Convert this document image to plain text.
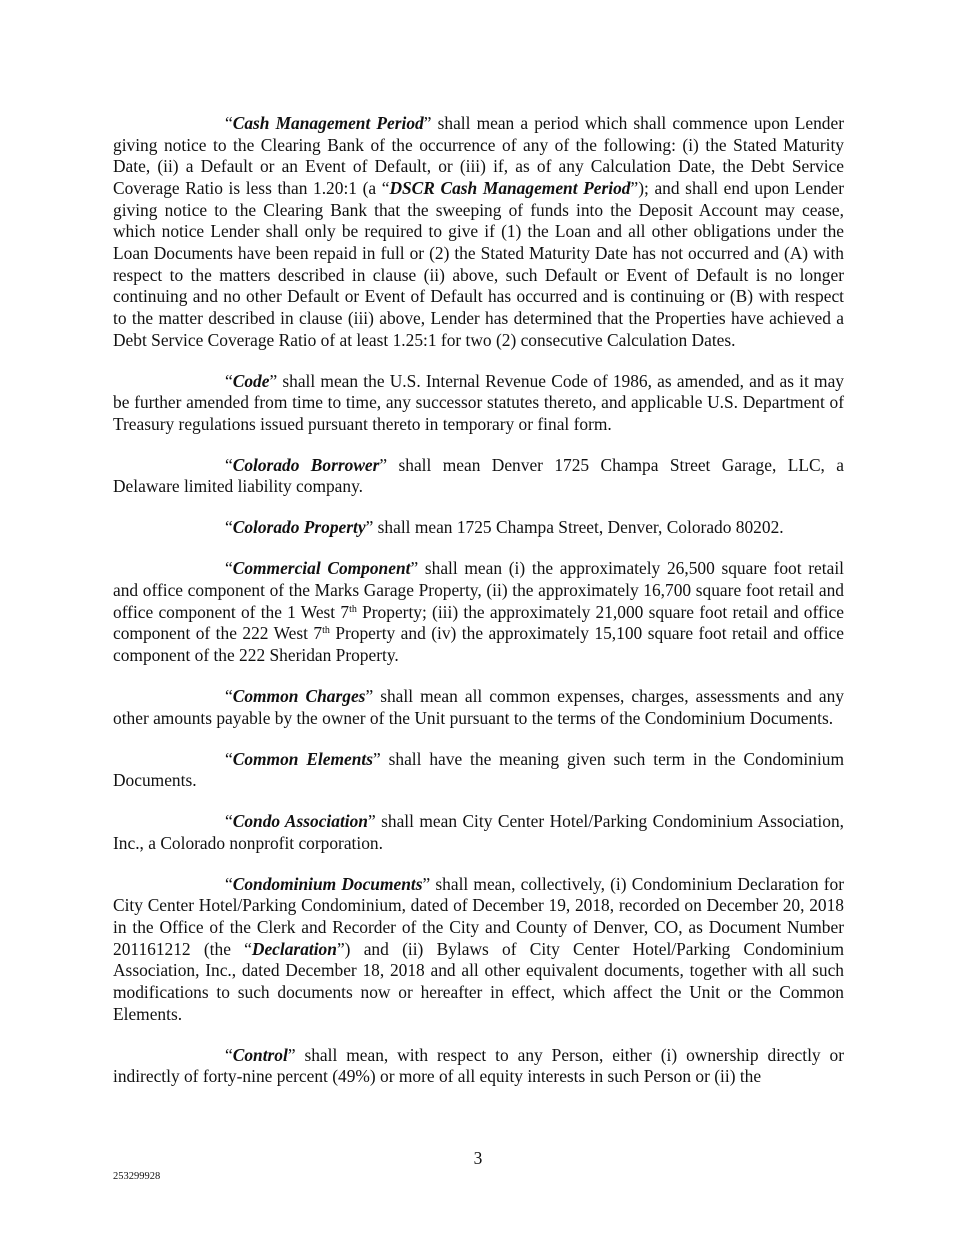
“Cash Management Period” shall mean a period which shall commence upon Lender giving notice to the Clearing Bank of the occurrence of any of the following: (i) the Stated Maturity Date, (ii) a Default or an Event of Default, or (iii) if, as of any Calculation Date, the Debt Service Coverage Ratio is less than 1.20:1 (a “DSCR Cash Management Period”); and shall end upon Lender giving notice to the Clearing Bank that the sweeping of funds into the Deposit Account may cease, which notice Lender shall only be required to give if (1) the Loan and all other obligations under the Loan Documents have been repaid in full or (2) the Stated Maturity Date has not occurred and (A) with respect to the matters described in clause (ii) above, such Default or Event of Default is no longer continuing and no other Default or Event of Default has occurred and is continuing or (B) with respect to the matter described in clause (iii) above, Lender has determined that the Properties have achieved a Debt Service Coverage Ratio of at least 1.25:1 for two (2) consecutive Calculation Dates.

“Code” shall mean the U.S. Internal Revenue Code of 1986, as amended, and as it may be further amended from time to time, any successor statutes thereto, and applicable U.S. Department of Treasury regulations issued pursuant thereto in temporary or final form.

“Colorado Borrower” shall mean Denver 1725 Champa Street Garage, LLC, a Delaware limited liability company.

“Colorado Property” shall mean 1725 Champa Street, Denver, Colorado 80202.

“Commercial Component” shall mean (i) the approximately 26,500 square foot retail and office component of the Marks Garage Property, (ii) the approximately 16,700 square foot retail and office component of the 1 West 7th Property; (iii) the approximately 21,000 square foot retail and office component of the 222 West 7th Property and (iv) the approximately 15,100 square foot retail and office component of the 222 Sheridan Property.

“Common Charges” shall mean all common expenses, charges, assessments and any other amounts payable by the owner of the Unit pursuant to the terms of the Condominium Documents.

“Common Elements” shall have the meaning given such term in the Condominium Documents.

“Condo Association” shall mean City Center Hotel/Parking Condominium Association, Inc., a Colorado nonprofit corporation.

“Condominium Documents” shall mean, collectively, (i) Condominium Declaration for City Center Hotel/Parking Condominium, dated of December 19, 2018, recorded on December 20, 2018 in the Office of the Clerk and Recorder of the City and County of Denver, CO, as Document Number 201161212 (the “Declaration”) and (ii) Bylaws of City Center Hotel/Parking Condominium Association, Inc., dated December 18, 2018 and all other equivalent documents, together with all such modifications to such documents now or hereafter in effect, which affect the Unit or the Common Elements.

“Control” shall mean, with respect to any Person, either (i) ownership directly or indirectly of forty-nine percent (49%) or more of all equity interests in such Person or (ii) the

3
253299928
